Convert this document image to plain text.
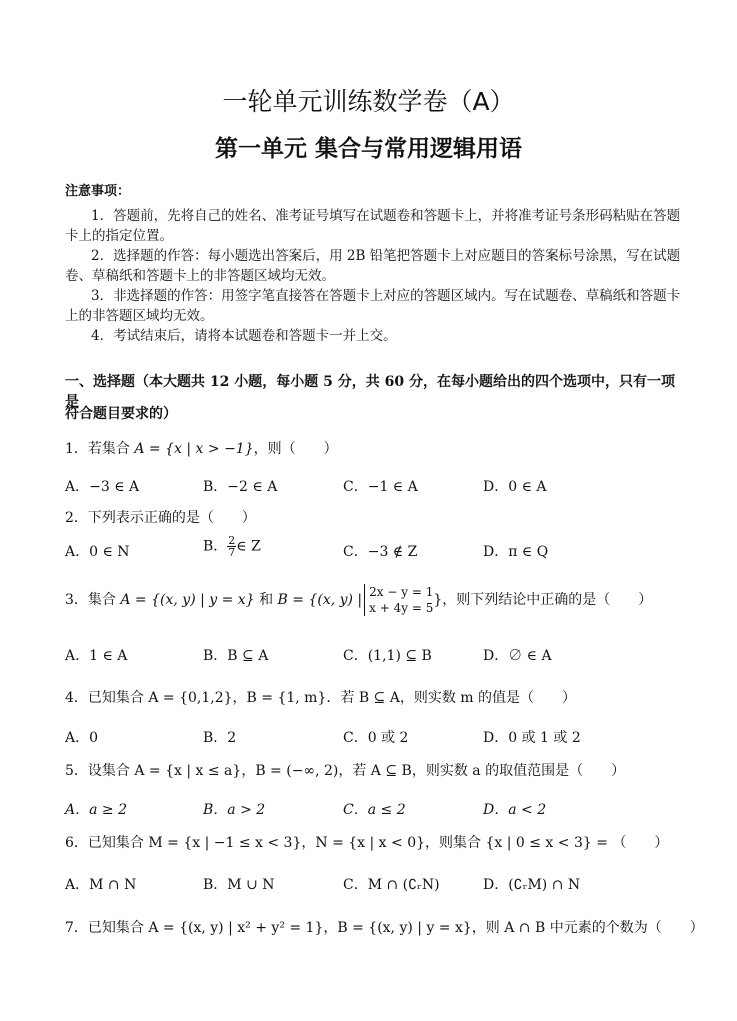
一轮单元训练数学卷（A）
第一单元 集合与常用逻辑用语
注意事项：
1．答题前，先将自己的姓名、准考证号填写在试题卷和答题卡上，并将准考证号条形码粘贴在答题卡上的指定位置。
2．选择题的作答：每小题选出答案后，用 2B 铅笔把答题卡上对应题目的答案标号涂黑，写在试题卷、草稿纸和答题卡上的非答题区域均无效。
3．非选择题的作答：用签字笔直接答在答题卡上对应的答题区域内。写在试题卷、草稿纸和答题卡上的非答题区域均无效。
4．考试结束后，请将本试题卷和答题卡一并上交。
一、选择题（本大题共 12 小题，每小题 5 分，共 60 分，在每小题给出的四个选项中，只有一项是
符合题目要求的）
1．若集合 A = {x | x > −1}，则（　　）
A．−3 ∈ A	B．−2 ∈ A	C．−1 ∈ A	D．0 ∈ A
2．下列表示正确的是（　　）
A．0 ∈ N	B． $\frac{2}{7}$ ∈ Z	C．−3 ∉ Z	D．π ∈ Q
3．集合 A = {(x, y) | y = x} 和 B = {(x, y) | 2x − y = 1
x + 4y = 5 }，则下列结论中正确的是（　　）
A．1 ∈ A	B．B ⊆ A	C．(1,1) ⊆ B	D．∅ ∈ A
4．已知集合 A = {0,1,2}，B = {1, m}．若 B ⊆ A，则实数 m 的值是（　　）
A．0	B．2	C．0 或 2	D．0 或 1 或 2
5．设集合 A = {x | x ≤ a}，B = (−∞, 2)，若 A ⊆ B，则实数 a 的取值范围是（　　）
A．a ≥ 2	B．a > 2	C．a ≤ 2	D．a < 2
6．已知集合 M = {x | −1 ≤ x < 3}，N = {x | x < 0}，则集合 {x | 0 ≤ x < 3} = （　　）
A．M ∩ N	B．M ∪ N	C．M ∩ (∁ᵣN)	D．(∁ᵣM) ∩ N
7．已知集合 A = {(x, y) | x² + y² = 1}，B = {(x, y) | y = x}，则 A ∩ B 中元素的个数为（　　）
